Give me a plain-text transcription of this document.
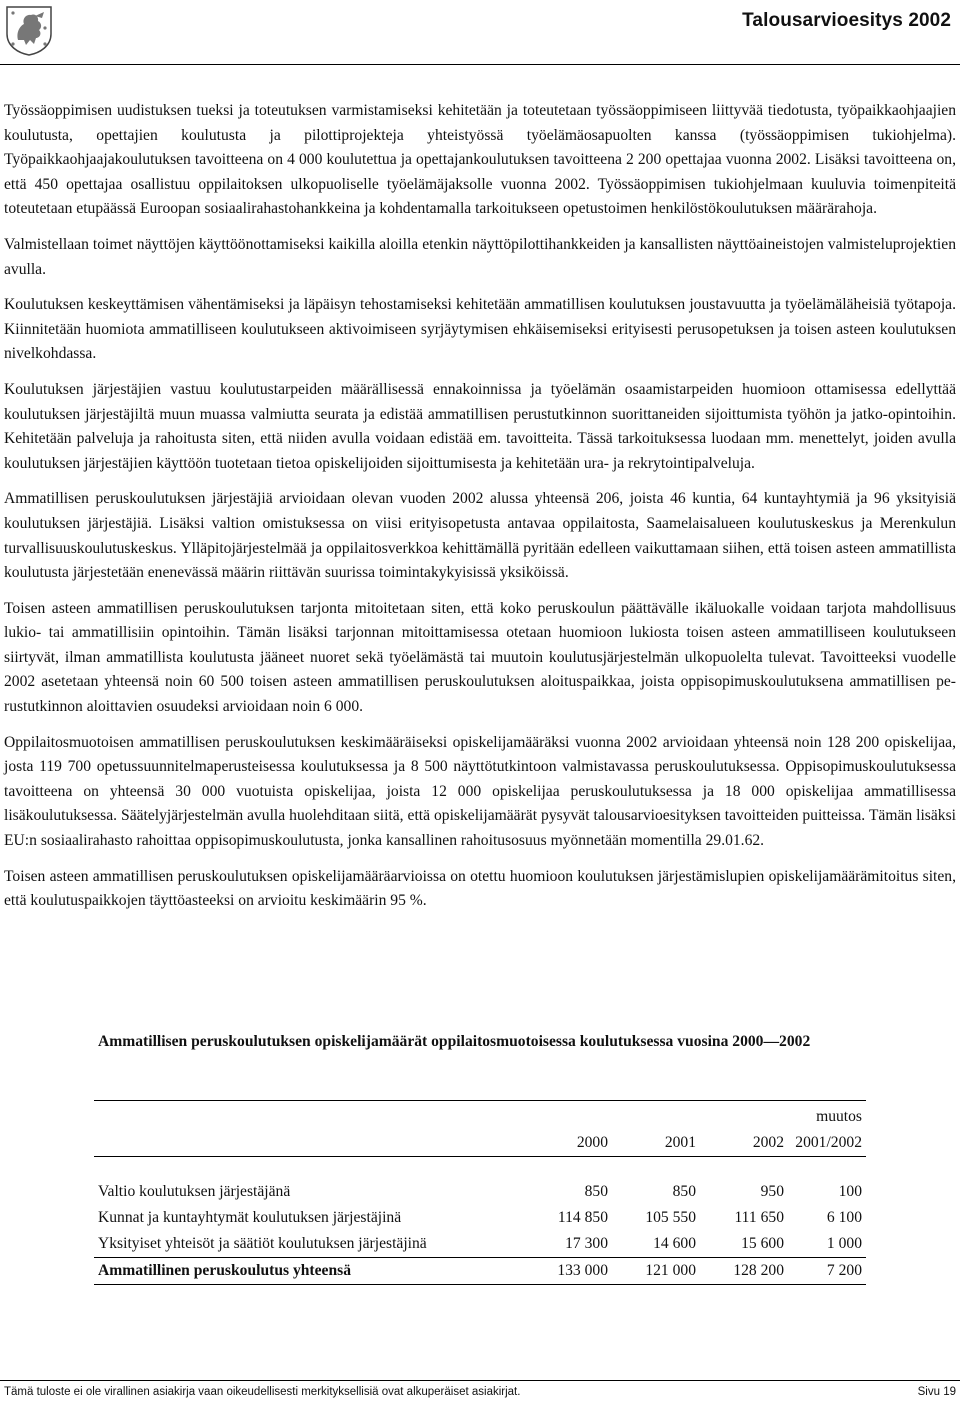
Talousarvioesitys 2002

Työssäoppimisen uudistuksen tueksi ja toteutuksen varmistamiseksi kehitetään ja toteutetaan työssäoppimiseen liittyvää tiedotusta, työpaikkaohjaajien koulutusta, opettajien koulutusta ja pilottiprojekteja yhteistyössä työelämäosapuolten kanssa (työssäoppimisen tukiohjelma). Työpaikkaohjaajakoulutuksen tavoitteena on 4 000 koulutettua ja opettajankoulutuksen tavoitteena 2 200 opettajaa vuonna 2002. Lisäksi tavoitteena on, että 450 opettajaa osallistuu oppilaitoksen ulkopuoliselle työelämäjaksolle vuonna 2002. Työssäoppimisen tukiohjelmaan kuuluvia toimenpiteitä toteutetaan etupäässä Euroopan sosiaalirahastohankkeina ja kohdentamalla tarkoitukseen opetustoimen henkilöstökoulutuksen määrärahoja.

Valmistellaan toimet näyttöjen käyttöönottamiseksi kaikilla aloilla etenkin näyttöpilottihankkeiden ja kansallisten näyttöaineistojen valmisteluprojektien avulla.

Koulutuksen keskeyttämisen vähentämiseksi ja läpäisyn tehostamiseksi kehitetään ammatillisen koulutuksen joustavuutta ja työelämäläheisiä työtapoja. Kiinnitetään huomiota ammatilliseen koulutukseen aktivoimiseen syrjäytymisen ehkäisemiseksi erityisesti perusopetuksen ja toisen asteen koulutuksen nivelkohdassa.

Koulutuksen järjestäjien vastuu koulutustarpeiden määrällisessä ennakoinnissa ja työelämän osaamistarpeiden huomioon ottamisessa edellyttää koulutuksen järjestäjiltä muun muassa valmiutta seurata ja edistää ammatillisen perustutkinnon suorittaneiden sijoittumista työhön ja jatko-opintoihin. Kehitetään palveluja ja rahoitusta siten, että niiden avulla voidaan edistää em. tavoitteita. Tässä tarkoituksessa luodaan mm. menettelyt, joiden avulla koulutuksen järjestäjien käyttöön tuotetaan tietoa opiskelijoiden sijoittumisesta ja kehitetään ura- ja rekrytointipalveluja.

Ammatillisen peruskoulutuksen järjestäjiä arvioidaan olevan vuoden 2002 alussa yhteensä 206, joista 46 kuntia, 64 kuntayhtymiä ja 96 yksityisiä koulutuksen järjestäjiä. Lisäksi valtion omistuksessa on viisi erityisopetusta antavaa oppilaitosta, Saamelaisalueen koulutuskeskus ja Merenkulun turvallisuuskoulutuskeskus. Ylläpitojärjestelmää ja oppilaitosverkkoa kehittämällä pyritään edelleen vaikuttamaan siihen, että toisen asteen ammatillista koulutusta järjestetään enenevässä määrin riittävän suurissa toimintakykyisissä yksiköissä.

Toisen asteen ammatillisen peruskoulutuksen tarjonta mitoitetaan siten, että koko peruskoulun päättävälle ikäluokalle voidaan tarjota mahdollisuus lukio- tai ammatillisiin opintoihin. Tämän lisäksi tarjonnan mitoittamisessa otetaan huomioon lukiosta toisen asteen ammatilliseen koulutukseen siirtyvät, ilman ammatillista koulutusta jääneet nuoret sekä työelämästä tai muutoin koulutusjärjestelmän ulkopuolelta tulevat. Tavoitteeksi vuodelle 2002 asetetaan yhteensä noin 60 500 toisen asteen ammatillisen peruskoulutuksen aloituspaikkaa, joista oppisopimuskoulutuksena ammatillisen perustutkinnon aloittavien osuudeksi arvioidaan noin 6 000.

Oppilaitosmuotoisen ammatillisen peruskoulutuksen keskimääräiseksi opiskelijamääräksi vuonna 2002 arvioidaan yhteensä noin 128 200 opiskelijaa, josta 119 700 opetussuunnitelmaperusteisessa koulutuksessa ja 8 500 näyttötutkintoon valmistavassa peruskoulutuksessa. Oppisopimuskoulutuksessa tavoitteena on yhteensä 30 000 vuotuista opiskelijaa, joista 12 000 opiskelijaa peruskoulutuksessa ja 18 000 opiskelijaa ammatillisessa lisäkoulutuksessa. Säätelyjärjestelmän avulla huolehditaan siitä, että opiskelijamäärät pysyvät talousarvioesityksen tavoitteiden puitteissa. Tämän lisäksi EU:n sosiaalirahasto rahoittaa oppisopimuskoulutusta, jonka kansallinen rahoitusosuus myönnetään momentilla 29.01.62.

Toisen asteen ammatillisen peruskoulutuksen opiskelijamääräarvioissa on otettu huomioon koulutuksen järjestämislupien opiskelijamäärämitoitus siten, että koulutuspaikkojen täyttöasteeksi on arvioitu keskimäärin 95 %.

Ammatillisen peruskoulutuksen opiskelijamäärät oppilaitosmuotoisessa koulutuksessa vuosina 2000—2002

				muutos
	2000	2001	2002	2001/2002

Valtio koulutuksen järjestäjänä	850	850	950	100
Kunnat ja kuntayhtymät koulutuksen järjestäjinä	114 850	105 550	111 650	6 100
Yksityiset yhteisöt ja säätiöt koulutuksen järjestäjinä	17 300	14 600	15 600	1 000
Ammatillinen peruskoulutus yhteensä	133 000	121 000	128 200	7 200
Tämä tuloste ei ole virallinen asiakirja vaan oikeudellisesti merkityksellisiä ovat alkuperäiset asiakirjat.	Sivu 19
